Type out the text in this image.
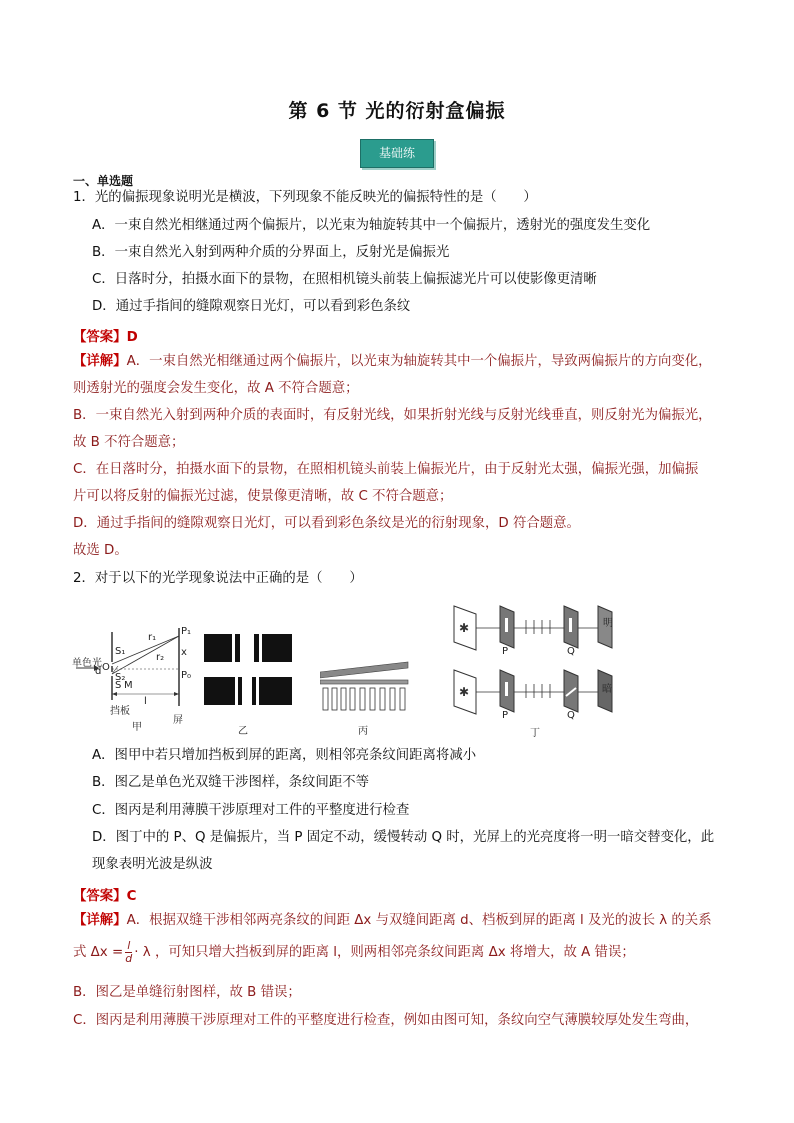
第 6 节 光的衍射盒偏振
基础练
一、单选题
1．光的偏振现象说明光是横波，下列现象不能反映光的偏振特性的是（　　）
A．一束自然光相继通过两个偏振片，以光束为轴旋转其中一个偏振片，透射光的强度发生变化
B．一束自然光入射到两种介质的分界面上，反射光是偏振光
C．日落时分，拍摄水面下的景物，在照相机镜头前装上偏振滤光片可以使影像更清晰
D．通过手指间的缝隙观察日光灯，可以看到彩色条纹
【答案】D
【详解】A．一束自然光相继通过两个偏振片，以光束为轴旋转其中一个偏振片，导致两偏振片的方向变化，
则透射光的强度会发生变化，故 A 不符合题意；
B．一束自然光入射到两种介质的表面时，有反射光线，如果折射光线与反射光线垂直，则反射光为偏振光，
故 B 不符合题意；
C．在日落时分，拍摄水面下的景物，在照相机镜头前装上偏振光片，由于反射光太强，偏振光强，加偏振
片可以将反射的偏振光过滤，使景像更清晰，故 C 不符合题意；
D．通过手指间的缝隙观察日光灯，可以看到彩色条纹是光的衍射现象，D 符合题意。
故选 D。
2．对于以下的光学现象说法中正确的是（　　）
单色光
S₁
d O
S₂
S M
r₁
r₂
P₁
x
P₀
l
挡板
甲
屏
乙	丙
✱
✱
明
P	Q
暗
P	Q
丁
A．图甲中若只增加挡板到屏的距离，则相邻亮条纹间距离将减小
B．图乙是单色光双缝干涉图样，条纹间距不等
C．图丙是利用薄膜干涉原理对工件的平整度进行检查
D．图丁中的 P、Q 是偏振片，当 P 固定不动，缓慢转动 Q 时，光屏上的光亮度将一明一暗交替变化，此
现象表明光波是纵波
【答案】C
【详解】A．根据双缝干涉相邻两亮条纹的间距 Δx 与双缝间距离 d、档板到屏的距离 l 及光的波长 λ 的关系
式 $\Delta x = \frac{l}{d} \cdot \lambda$ ，可知只增大挡板到屏的距离 l，则两相邻亮条纹间距离 Δx 将增大，故 A 错误；
B．图乙是单缝衍射图样，故 B 错误；
C．图丙是利用薄膜干涉原理对工件的平整度进行检查，例如由图可知，条纹向空气薄膜较厚处发生弯曲，
